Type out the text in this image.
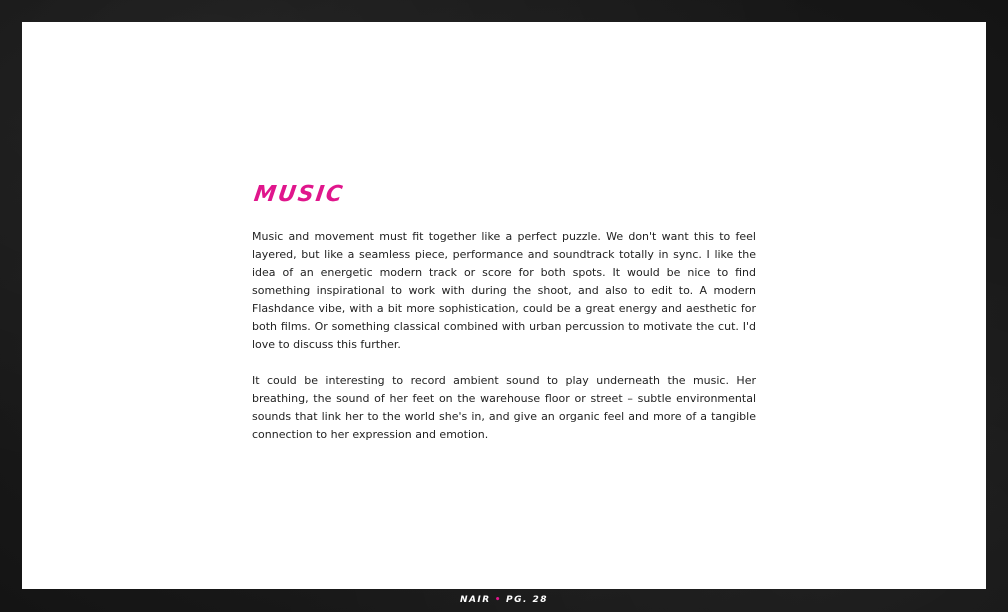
MUSIC

Music and movement must fit together like a perfect puzzle. We don't want this to feel layered, but like a seamless piece, performance and soundtrack totally in sync. I like the idea of an energetic modern track or score for both spots. It would be nice to find something inspirational to work with during the shoot, and also to edit to. A modern Flashdance vibe, with a bit more sophistication, could be a great energy and aesthetic for both films. Or something classical combined with urban percussion to motivate the cut. I'd love to discuss this further.

It could be interesting to record ambient sound to play underneath the music. Her breathing, the sound of her feet on the warehouse floor or street – subtle environmental sounds that link her to the world she's in, and give an organic feel and more of a tangible connection to her expression and emotion.

NAIR • PG. 28
